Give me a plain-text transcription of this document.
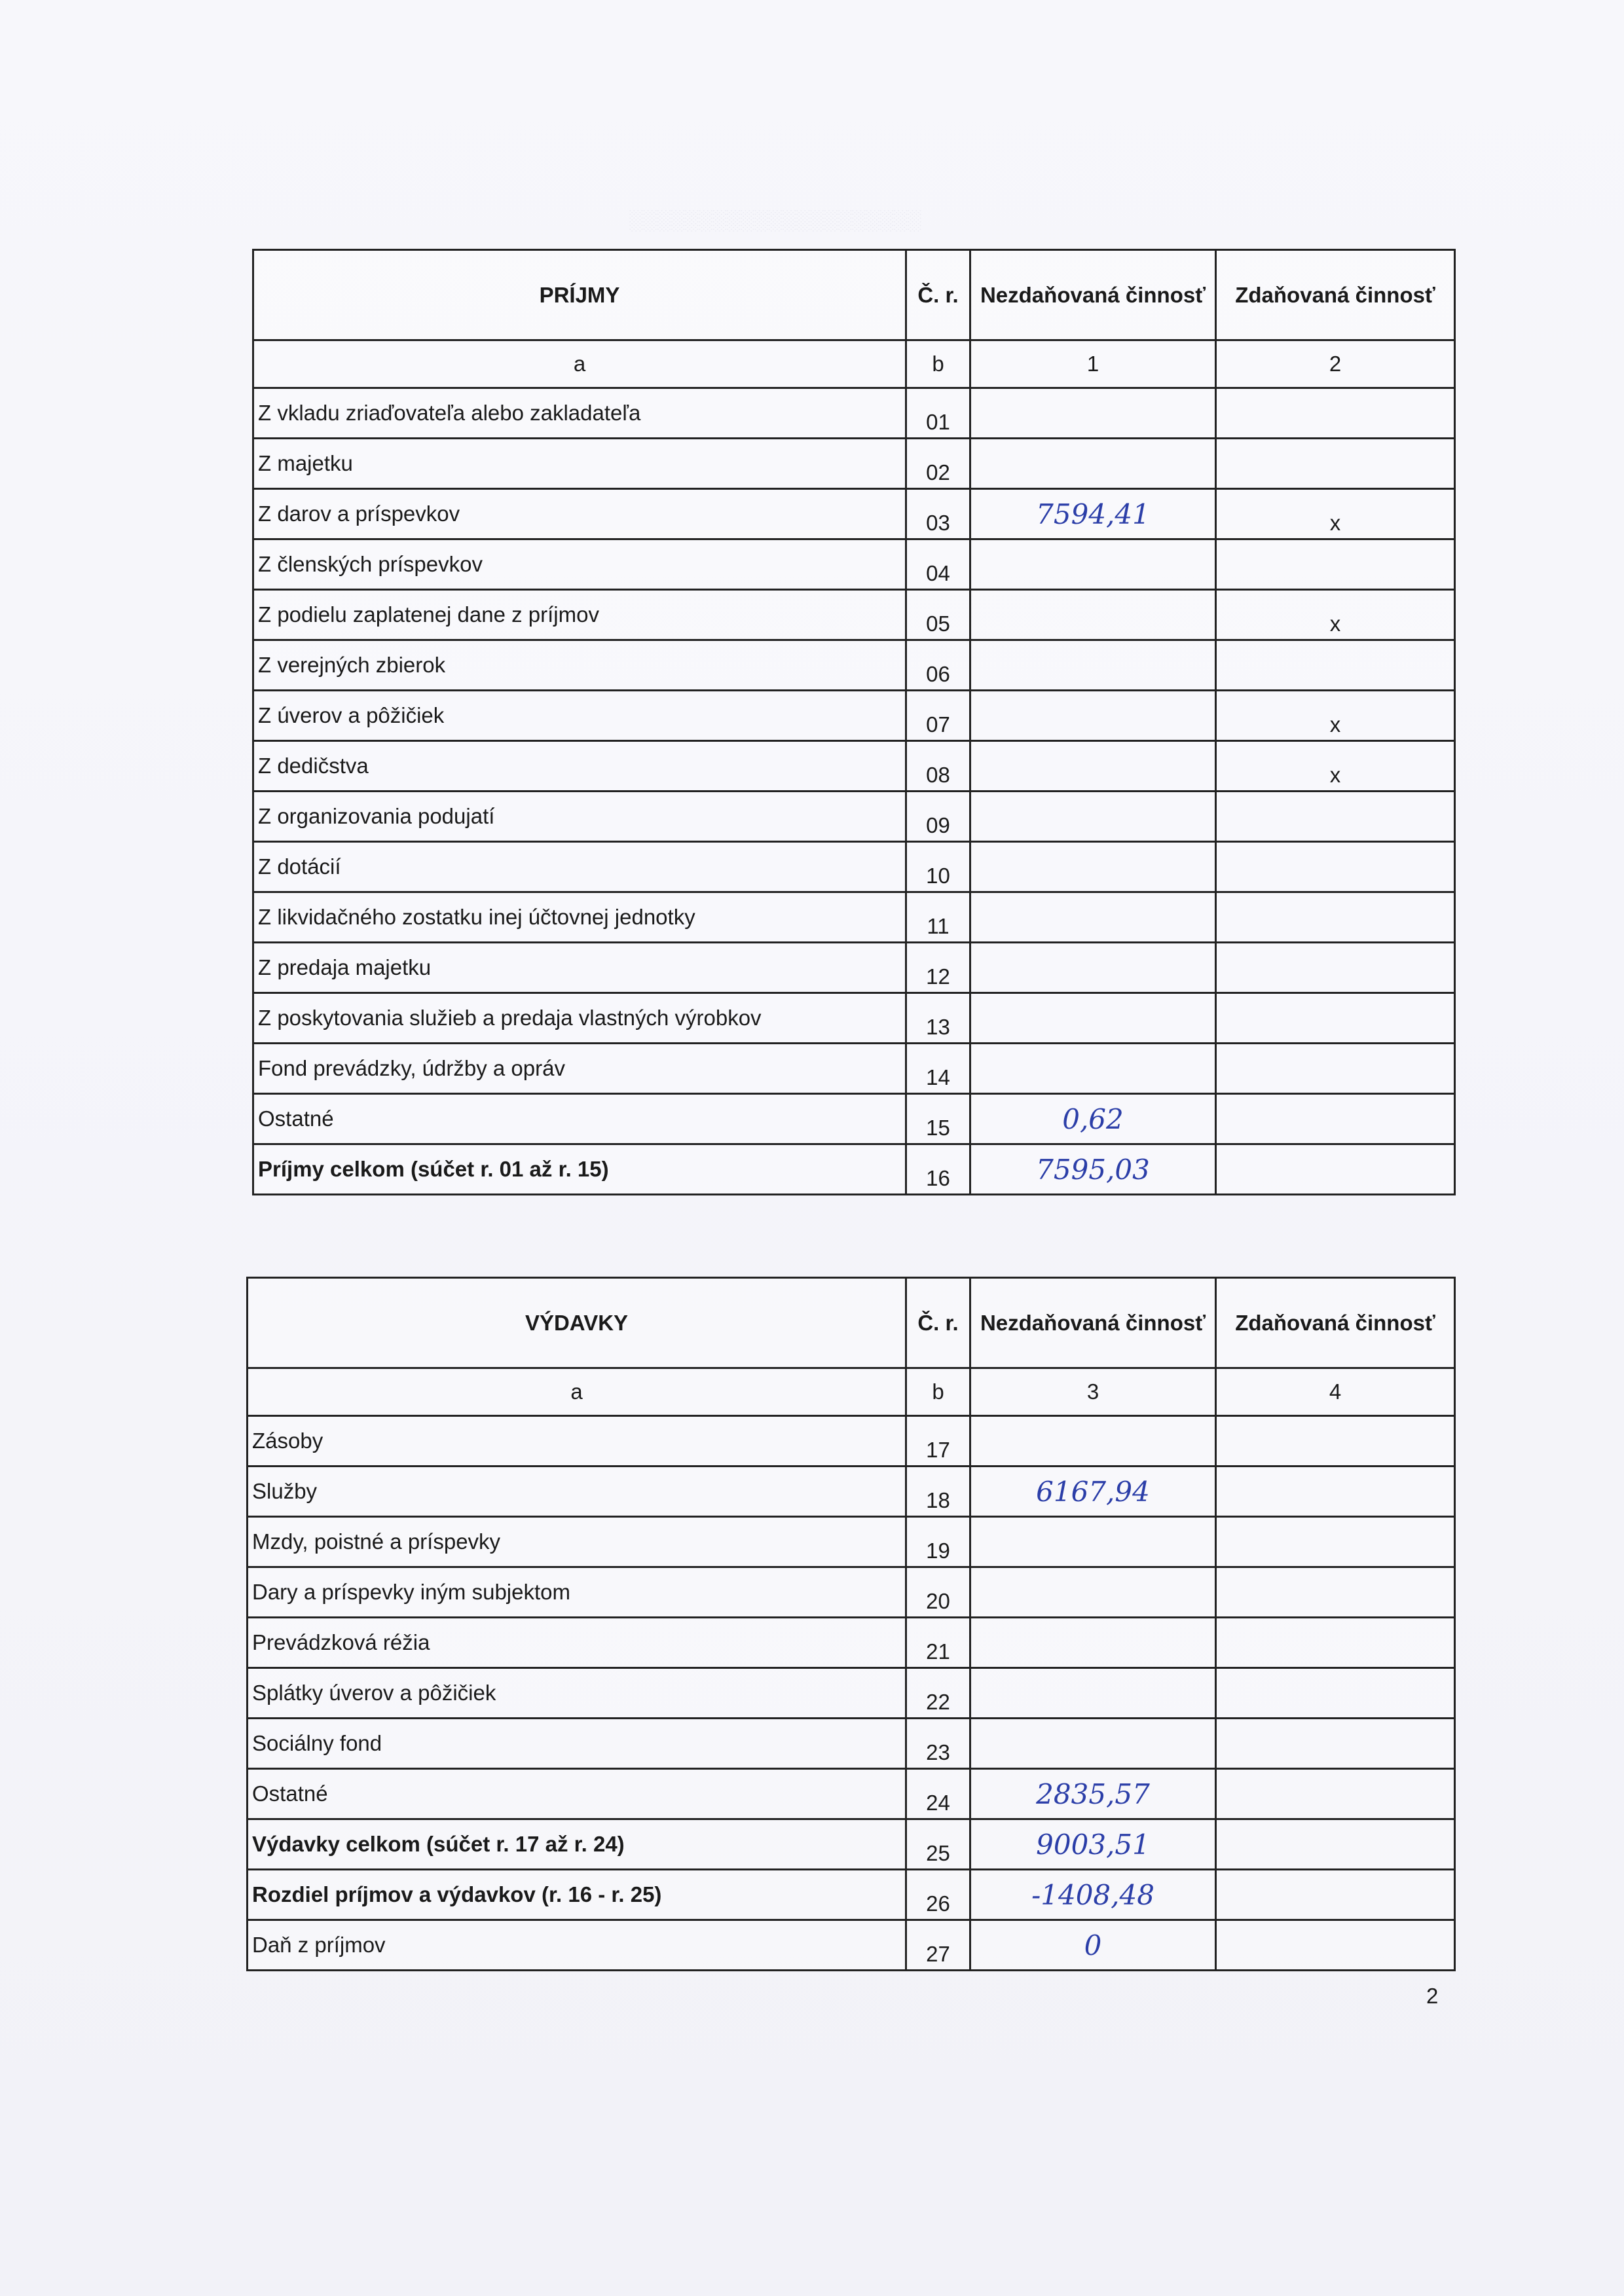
░░░░░░░░░░░░░░░░░░░░░
PRÍJMY	Č. r.	Nezdaňovaná činnosť	Zdaňovaná činnosť
a	b	1	2
Z vkladu zriaďovateľa alebo zakladateľa	01		
Z majetku	02		
Z darov a príspevkov	03	7594,41	x
Z členských príspevkov	04		
Z podielu zaplatenej dane z príjmov	05		x
Z verejných zbierok	06		
Z úverov a pôžičiek	07		x
Z dedičstva	08		x
Z organizovania podujatí	09		
Z dotácií	10		
Z likvidačného zostatku inej účtovnej jednotky	11		
Z predaja majetku	12		
Z poskytovania služieb a predaja vlastných výrobkov	13		
Fond prevádzky, údržby a opráv	14		
Ostatné	15	0,62	
Príjmy celkom (súčet r. 01 až r. 15)	16	7595,03	
VÝDAVKY	Č. r.	Nezdaňovaná činnosť	Zdaňovaná činnosť
a	b	3	4
Zásoby	17		
Služby	18	6167,94	
Mzdy, poistné a príspevky	19		
Dary a príspevky iným subjektom	20		
Prevádzková réžia	21		
Splátky úverov a pôžičiek	22		
Sociálny fond	23		
Ostatné	24	2835,57	
Výdavky celkom (súčet r. 17 až r. 24)	25	9003,51	
Rozdiel príjmov a výdavkov (r. 16 - r. 25)	26	-1408,48	
Daň z príjmov	27	0	
2
